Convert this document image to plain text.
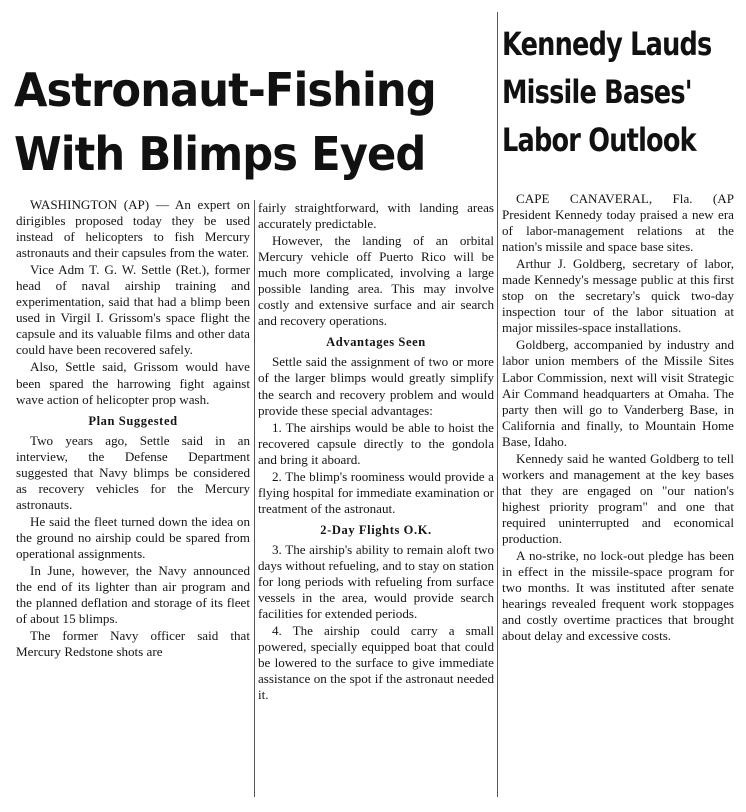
Astronaut-Fishing
With Blimps Eyed
Kennedy Lauds
Missile Bases'
Labor Outlook

WASHINGTON (AP) — An expert on dirigibles proposed today they be used instead of helicopters to fish Mercury astronauts and their capsules from the water.

Vice Adm T. G. W. Settle (Ret.), former head of naval airship training and experimentation, said that had a blimp been used in Virgil I. Grissom's space flight the capsule and its valuable films and other data could have been recovered safely.

Also, Settle said, Grissom would have been spared the harrowing fight against wave action of helicopter prop wash.

Plan Suggested

Two years ago, Settle said in an interview, the Defense Department suggested that Navy blimps be considered as recovery vehicles for the Mercury astronauts.

He said the fleet turned down the idea on the ground no airship could be spared from operational assignments.

In June, however, the Navy announced the end of its lighter than air program and the planned deflation and storage of its fleet of about 15 blimps.

The former Navy officer said that Mercury Redstone shots are

fairly straightforward, with landing areas accurately predictable.

However, the landing of an orbital Mercury vehicle off Puerto Rico will be much more complicated, involving a large possible landing area. This may involve costly and extensive surface and air search and recovery operations.

Advantages Seen

Settle said the assignment of two or more of the larger blimps would greatly simplify the search and recovery problem and would provide these special advantages:

1. The airships would be able to hoist the recovered capsule directly to the gondola and bring it aboard.

2. The blimp's roominess would provide a flying hospital for immediate examination or treatment of the astronaut.

2-Day Flights O.K.

3. The airship's ability to remain aloft two days without refueling, and to stay on station for long periods with refueling from surface vessels in the area, would provide search facilities for extended periods.

4. The airship could carry a small powered, specially equipped boat that could be lowered to the surface to give immediate assistance on the spot if the astronaut needed it.

CAPE CANAVERAL, Fla. (AP President Kennedy today praised a new era of labor-management relations at the nation's missile and space base sites.

Arthur J. Goldberg, secretary of labor, made Kennedy's message public at this first stop on the secretary's quick two-day inspection tour of the labor situation at major missiles-space installations.

Goldberg, accompanied by industry and labor union members of the Missile Sites Labor Commission, next will visit Strategic Air Command headquarters at Omaha. The party then will go to Vanderberg Base, in California and finally, to Mountain Home Base, Idaho.

Kennedy said he wanted Goldberg to tell workers and management at the key bases that they are engaged on "our nation's highest priority program" and one that required uninterrupted and economical production.

A no-strike, no lock-out pledge has been in effect in the missile-space program for two months. It was instituted after senate hearings revealed frequent work stoppages and costly overtime practices that brought about delay and excessive costs.
